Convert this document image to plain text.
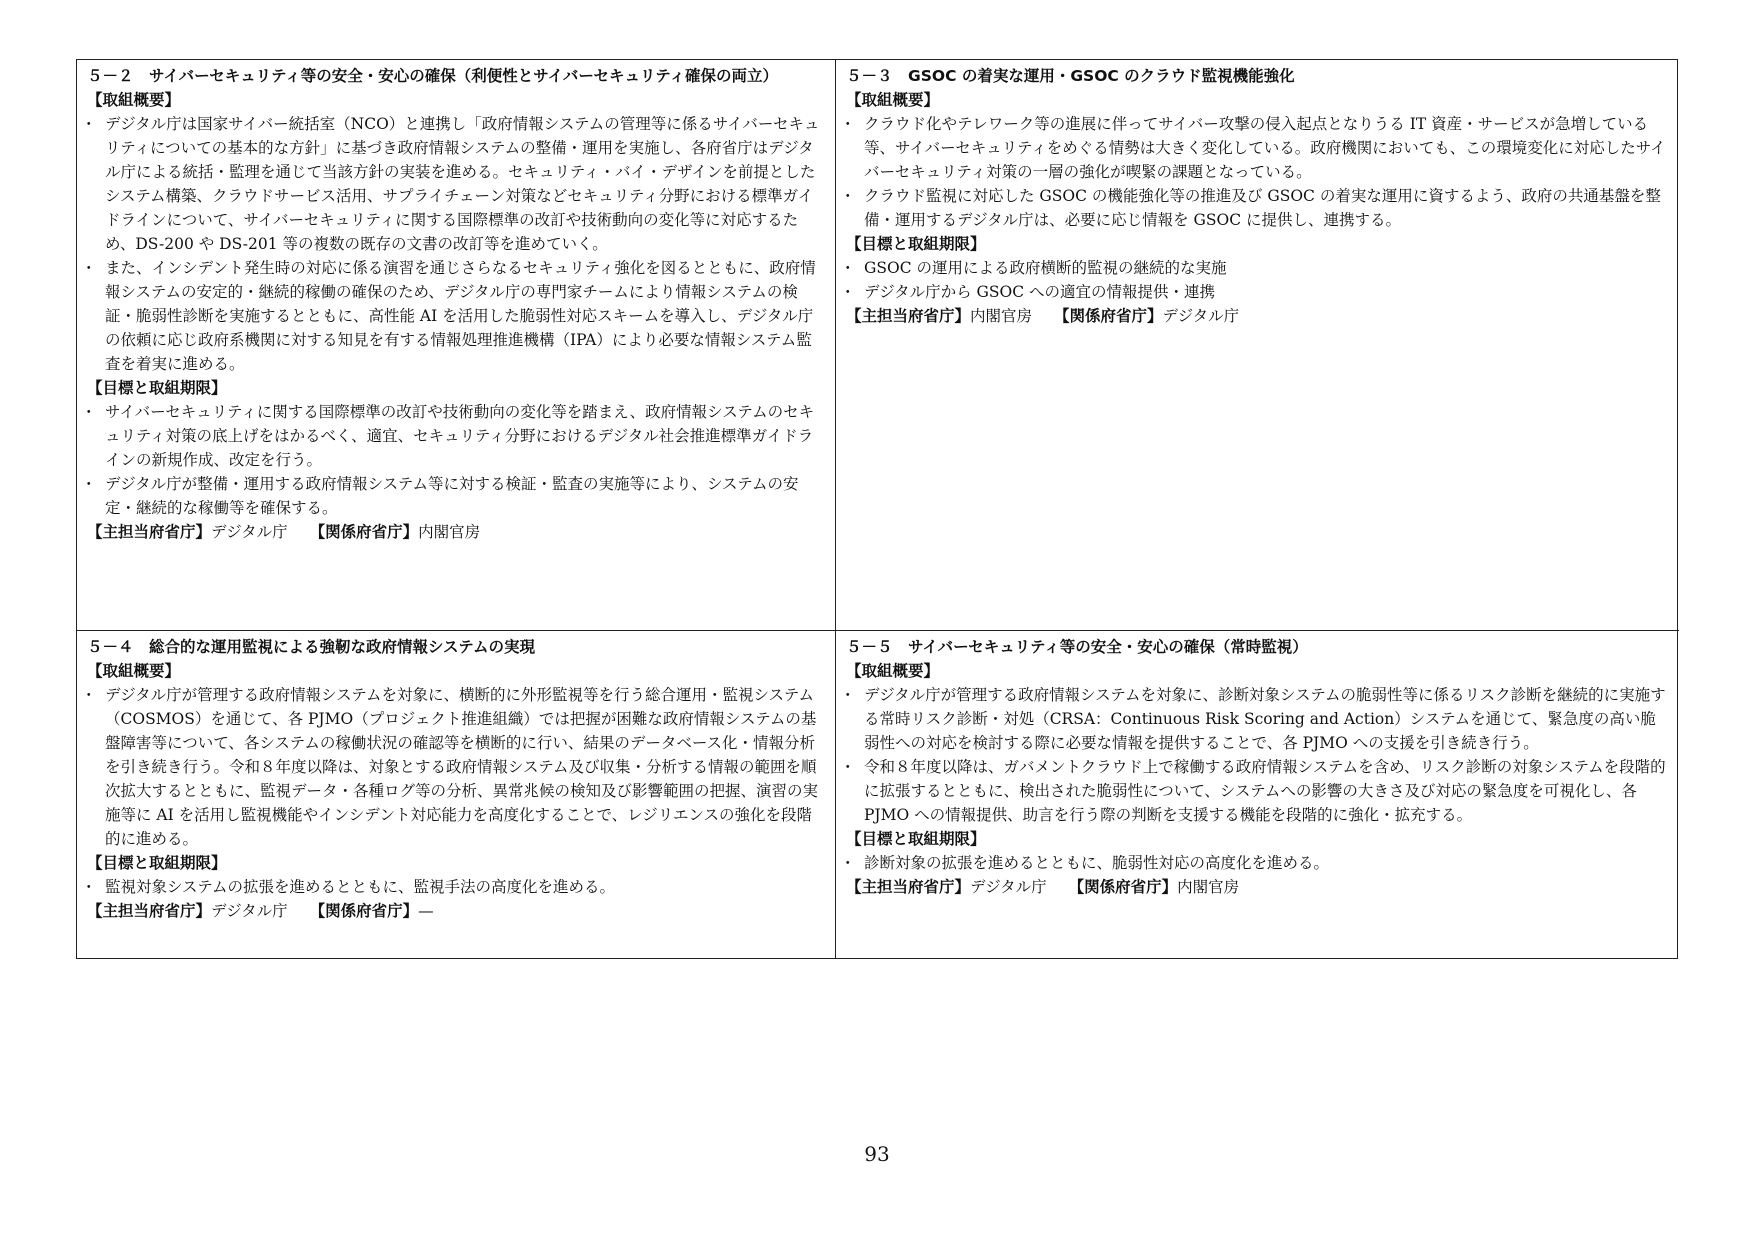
５－２　サイバーセキュリティ等の安全・安心の確保（利便性とサイバーセキュリティ確保の両立）
【取組概要】
・ デジタル庁は国家サイバー統括室（NCO）と連携し「政府情報システムの管理等に係るサイバーセキュリティについての基本的な方針」に基づき政府情報システムの整備・運用を実施し、各府省庁はデジタル庁による統括・監理を通じて当該方針の実装を進める。セキュリティ・バイ・デザインを前提としたシステム構築、クラウドサービス活用、サプライチェーン対策などセキュリティ分野における標準ガイドラインについて、サイバーセキュリティに関する国際標準の改訂や技術動向の変化等に対応するため、DS-200 や DS-201 等の複数の既存の文書の改訂等を進めていく。
・ また、インシデント発生時の対応に係る演習を通じさらなるセキュリティ強化を図るとともに、政府情報システムの安定的・継続的稼働の確保のため、デジタル庁の専門家チームにより情報システムの検証・脆弱性診断を実施するとともに、高性能 AI を活用した脆弱性対応スキームを導入し、デジタル庁の依頼に応じ政府系機関に対する知見を有する情報処理推進機構（IPA）により必要な情報システム監査を着実に進める。
【目標と取組期限】
・ サイバーセキュリティに関する国際標準の改訂や技術動向の変化等を踏まえ、政府情報システムのセキュリティ対策の底上げをはかるべく、適宜、セキュリティ分野におけるデジタル社会推進標準ガイドラインの新規作成、改定を行う。
・ デジタル庁が整備・運用する政府情報システム等に対する検証・監査の実施等により、システムの安定・継続的な稼働等を確保する。
【主担当府省庁】デジタル庁 【関係府省庁】内閣官房
５－３　GSOC の着実な運用・GSOC のクラウド監視機能強化
【取組概要】
・ クラウド化やテレワーク等の進展に伴ってサイバー攻撃の侵入起点となりうる IT 資産・サービスが急増している等、サイバーセキュリティをめぐる情勢は大きく変化している。政府機関においても、この環境変化に対応したサイバーセキュリティ対策の一層の強化が喫緊の課題となっている。
・ クラウド監視に対応した GSOC の機能強化等の推進及び GSOC の着実な運用に資するよう、政府の共通基盤を整備・運用するデジタル庁は、必要に応じ情報を GSOC に提供し、連携する。
【目標と取組期限】
・ GSOC の運用による政府横断的監視の継続的な実施
・ デジタル庁から GSOC への適宜の情報提供・連携
【主担当府省庁】内閣官房 【関係府省庁】デジタル庁
５－４　総合的な運用監視による強靭な政府情報システムの実現
【取組概要】
・ デジタル庁が管理する政府情報システムを対象に、横断的に外形監視等を行う総合運用・監視システム（COSMOS）を通じて、各 PJMO（プロジェクト推進組織）では把握が困難な政府情報システムの基盤障害等について、各システムの稼働状況の確認等を横断的に行い、結果のデータベース化・情報分析を引き続き行う。令和８年度以降は、対象とする政府情報システム及び収集・分析する情報の範囲を順次拡大するとともに、監視データ・各種ログ等の分析、異常兆候の検知及び影響範囲の把握、演習の実施等に AI を活用し監視機能やインシデント対応能力を高度化することで、レジリエンスの強化を段階的に進める。
【目標と取組期限】
・ 監視対象システムの拡張を進めるとともに、監視手法の高度化を進める。
【主担当府省庁】デジタル庁 【関係府省庁】—
５－５　サイバーセキュリティ等の安全・安心の確保（常時監視）
【取組概要】
・ デジタル庁が管理する政府情報システムを対象に、診断対象システムの脆弱性等に係るリスク診断を継続的に実施する常時リスク診断・対処（CRSA：Continuous Risk Scoring and Action）システムを通じて、緊急度の高い脆弱性への対応を検討する際に必要な情報を提供することで、各 PJMO への支援を引き続き行う。
・ 令和８年度以降は、ガバメントクラウド上で稼働する政府情報システムを含め、リスク診断の対象システムを段階的に拡張するとともに、検出された脆弱性について、システムへの影響の大きさ及び対応の緊急度を可視化し、各 PJMO への情報提供、助言を行う際の判断を支援する機能を段階的に強化・拡充する。
【目標と取組期限】
・ 診断対象の拡張を進めるとともに、脆弱性対応の高度化を進める。
【主担当府省庁】デジタル庁 【関係府省庁】内閣官房
93
